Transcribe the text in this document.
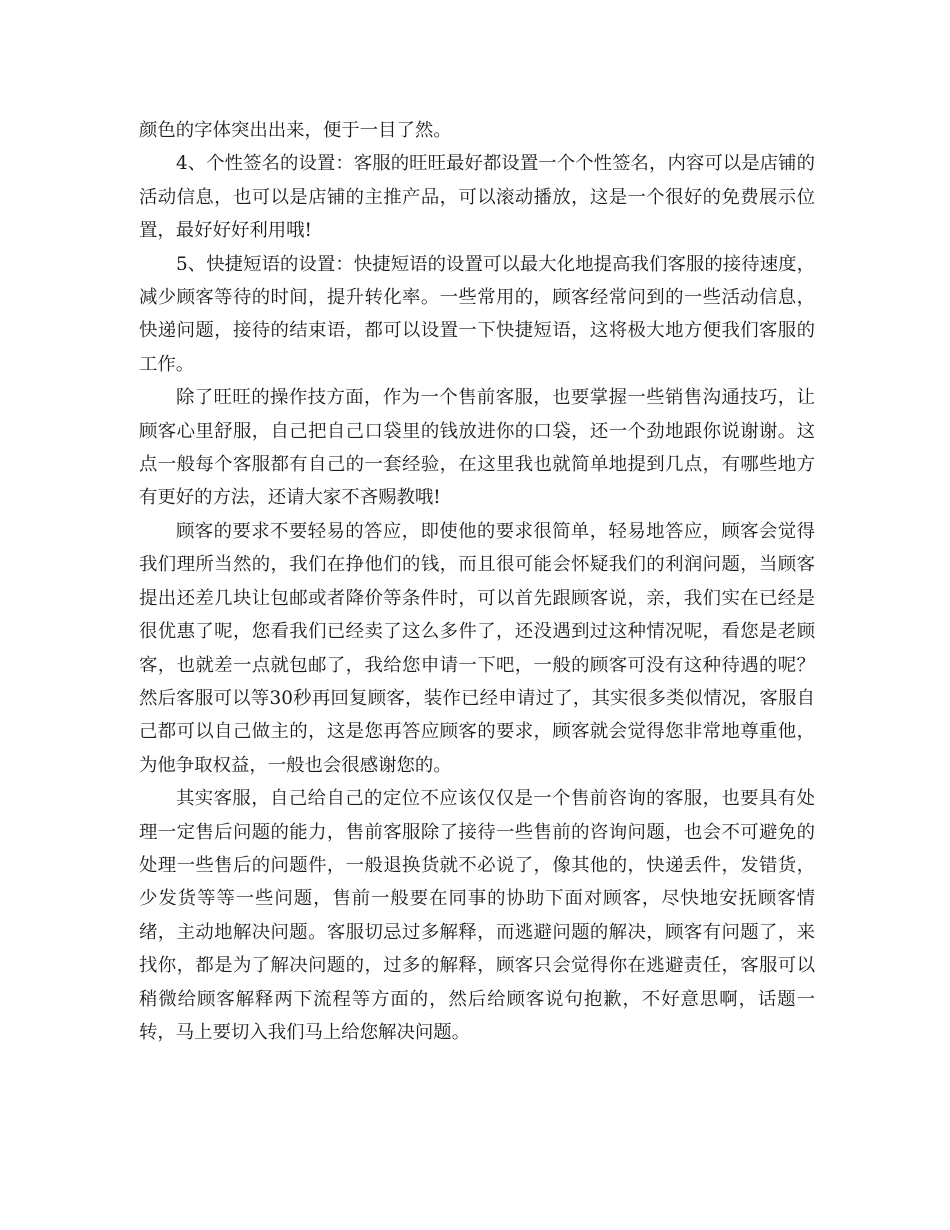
颜色的字体突出出来，便于一目了然。

4、个性签名的设置：客服的旺旺最好都设置一个个性签名，内容可以是店铺的活动信息，也可以是店铺的主推产品，可以滚动播放，这是一个很好的免费展示位置，最好好好利用哦!

5、快捷短语的设置：快捷短语的设置可以最大化地提高我们客服的接待速度，减少顾客等待的时间，提升转化率。一些常用的，顾客经常问到的一些活动信息，快递问题，接待的结束语，都可以设置一下快捷短语，这将极大地方便我们客服的工作。

除了旺旺的操作技方面，作为一个售前客服，也要掌握一些销售沟通技巧，让顾客心里舒服，自己把自己口袋里的钱放进你的口袋，还一个劲地跟你说谢谢。这点一般每个客服都有自己的一套经验，在这里我也就简单地提到几点，有哪些地方有更好的方法，还请大家不吝赐教哦!

顾客的要求不要轻易的答应，即使他的要求很简单，轻易地答应，顾客会觉得我们理所当然的，我们在挣他们的钱，而且很可能会怀疑我们的利润问题，当顾客提出还差几块让包邮或者降价等条件时，可以首先跟顾客说，亲，我们实在已经是很优惠了呢，您看我们已经卖了这么多件了，还没遇到过这种情况呢，看您是老顾客，也就差一点就包邮了，我给您申请一下吧，一般的顾客可没有这种待遇的呢？然后客服可以等30秒再回复顾客，装作已经申请过了，其实很多类似情况，客服自己都可以自己做主的，这是您再答应顾客的要求，顾客就会觉得您非常地尊重他，为他争取权益，一般也会很感谢您的。

其实客服，自己给自己的定位不应该仅仅是一个售前咨询的客服，也要具有处理一定售后问题的能力，售前客服除了接待一些售前的咨询问题，也会不可避免的处理一些售后的问题件，一般退换货就不必说了，像其他的，快递丢件，发错货，少发货等等一些问题，售前一般要在同事的协助下面对顾客，尽快地安抚顾客情绪，主动地解决问题。客服切忌过多解释，而逃避问题的解决，顾客有问题了，来找你，都是为了解决问题的，过多的解释，顾客只会觉得你在逃避责任，客服可以稍微给顾客解释两下流程等方面的，然后给顾客说句抱歉，不好意思啊，话题一转，马上要切入我们马上给您解决问题。
